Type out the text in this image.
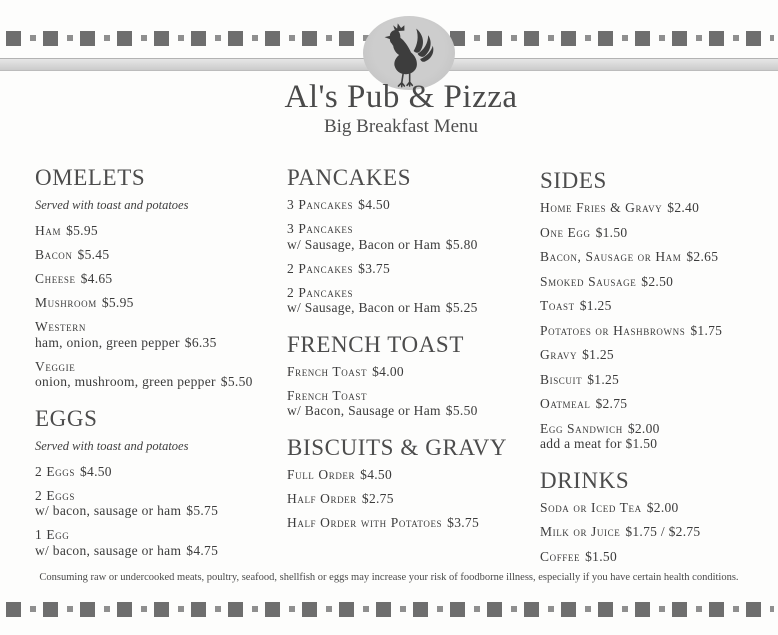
Al's Pub & Pizza
Big Breakfast Menu
OMELETS
Served with toast and potatoes
Ham $5.95
Bacon $5.45
Cheese $4.65
Mushroom $5.95
Western
ham, onion, green pepper $6.35
Veggie
onion, mushroom, green pepper $5.50
EGGS
Served with toast and potatoes
2 Eggs $4.50
2 Eggs
w/ bacon, sausage or ham $5.75
1 Egg
w/ bacon, sausage or ham $4.75
PANCAKES
3 Pancakes $4.50
3 Pancakes
w/ Sausage, Bacon or Ham $5.80
2 Pancakes $3.75
2 Pancakes
w/ Sausage, Bacon or Ham $5.25
FRENCH TOAST
French Toast $4.00
French Toast
w/ Bacon, Sausage or Ham $5.50
BISCUITS & GRAVY
Full Order $4.50
Half Order $2.75
Half Order with Potatoes $3.75
SIDES
Home Fries & Gravy $2.40
One Egg $1.50
Bacon, Sausage or Ham $2.65
Smoked Sausage $2.50
Toast $1.25
Potatoes or Hashbrowns $1.75
Gravy $1.25
Biscuit $1.25
Oatmeal $2.75
Egg Sandwich $2.00
add a meat for $1.50
DRINKS
Soda or Iced Tea $2.00
Milk or Juice $1.75 / $2.75
Coffee $1.50
Consuming raw or undercooked meats, poultry, seafood, shellfish or eggs may increase your risk of foodborne illness, especially if you have certain health conditions.
